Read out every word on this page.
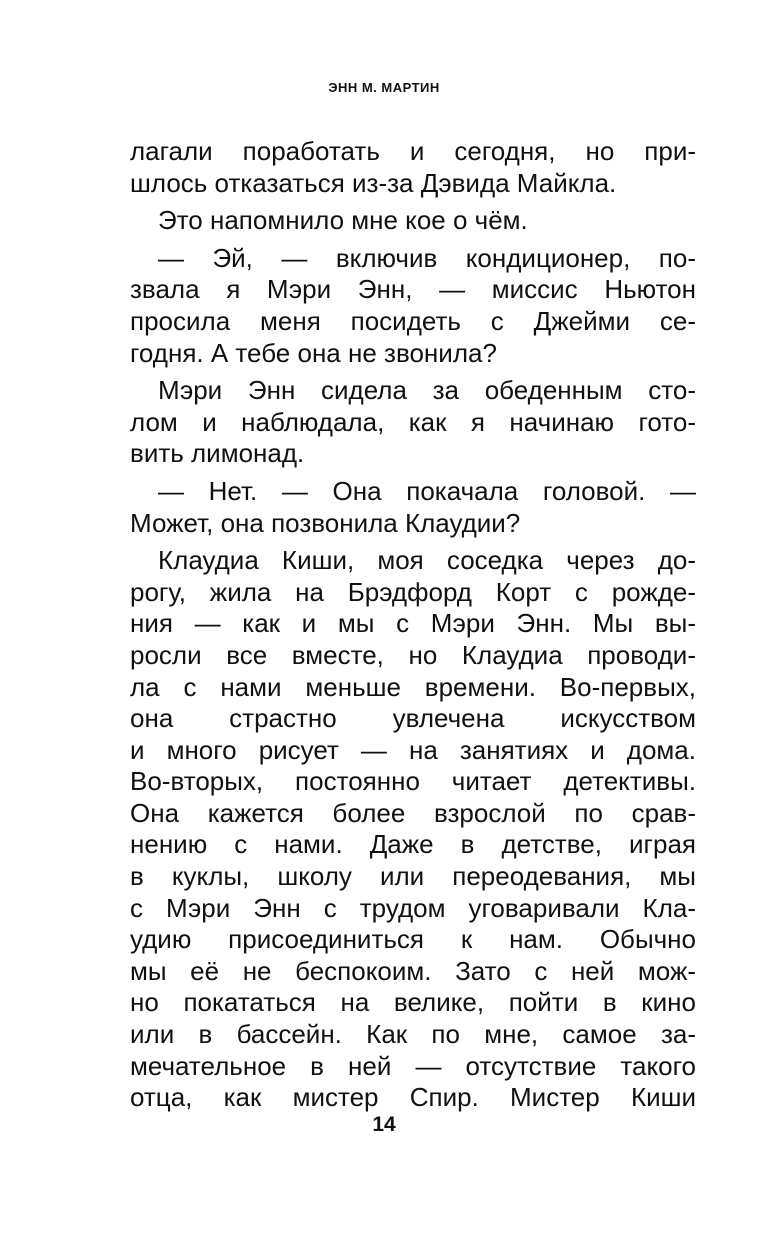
ЭНН М. МАРТИН
лагали поработать и сегодня, но при-
шлось отказаться из-за Дэвида Майкла.
Это напомнило мне кое о чём.
— Эй, — включив кондиционер, по-
звала я Мэри Энн, — миссис Ньютон
просила меня посидеть с Джейми се-
годня. А тебе она не звонила?
Мэри Энн сидела за обеденным сто-
лом и наблюдала, как я начинаю гото-
вить лимонад.
— Нет. — Она покачала головой. —
Может, она позвонила Клаудии?
Клаудиа Киши, моя соседка через до-
рогу, жила на Брэдфорд Корт с рожде-
ния — как и мы с Мэри Энн. Мы вы-
росли все вместе, но Клаудиа проводи-
ла с нами меньше времени. Во-первых,
она страстно увлечена искусством
и много рисует — на занятиях и дома.
Во-вторых, постоянно читает детективы.
Она кажется более взрослой по срав-
нению с нами. Даже в детстве, играя
в куклы, школу или переодевания, мы
с Мэри Энн с трудом уговаривали Кла-
удию присоединиться к нам. Обычно
мы её не беспокоим. Зато с ней мож-
но покататься на велике, пойти в кино
или в бассейн. Как по мне, самое за-
мечательное в ней — отсутствие такого
отца, как мистер Спир. Мистер Киши
14
